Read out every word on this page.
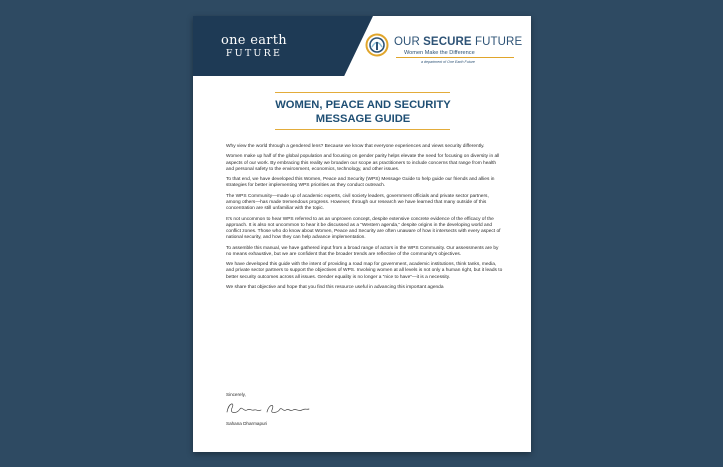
one earth
FUTURE
OUR SECURE FUTURE
Women Make the Difference
a department of One Earth Future
WOMEN, PEACE AND SECURITY
MESSAGE GUIDE

Why view the world through a gendered lens? Because we know that everyone experiences and views security differently.

Women make up half of the global population and focusing on gender parity helps elevate the need for focusing on diversity in all aspects of our work. By embracing this reality we broaden our scope as practitioners to include concerns that range from health and personal safety to the environment, economics, technology, and other issues.

To that end, we have developed this Women, Peace and Security (WPS) Message Guide to help guide our friends and allies in strategies for better implementing WPS priorities as they conduct outreach.

The WPS Community—made up of academic experts, civil society leaders, government officials and private sector partners, among others—has made tremendous progress. However, through our research we have learned that many outside of this concentration are still unfamiliar with the topic.

It’s not uncommon to hear WPS referred to as an unproven concept, despite extensive concrete evidence of the efficacy of the approach. It is also not uncommon to hear it be discussed as a “Western agenda,” despite origins in the developing world and conflict zones. Those who do know about Women, Peace and Security are often unaware of how it intersects with every aspect of national security, and how they can help advance implementation.

To assemble this manual, we have gathered input from a broad range of actors in the WPS Community. Our assessments are by no means exhaustive, but we are confident that the broader trends are reflective of the community’s objectives.

We have developed this guide with the intent of providing a road map for government, academic institutions, think tanks, media, and private sector partners to support the objectives of WPS. Involving women at all levels is not only a human right, but it leads to better security outcomes across all issues. Gender equality is no longer a “nice to have”—it is a necessity.

We share that objective and hope that you find this resource useful in advancing this important agenda

Sincerely,
Sahana Dharmapuri
